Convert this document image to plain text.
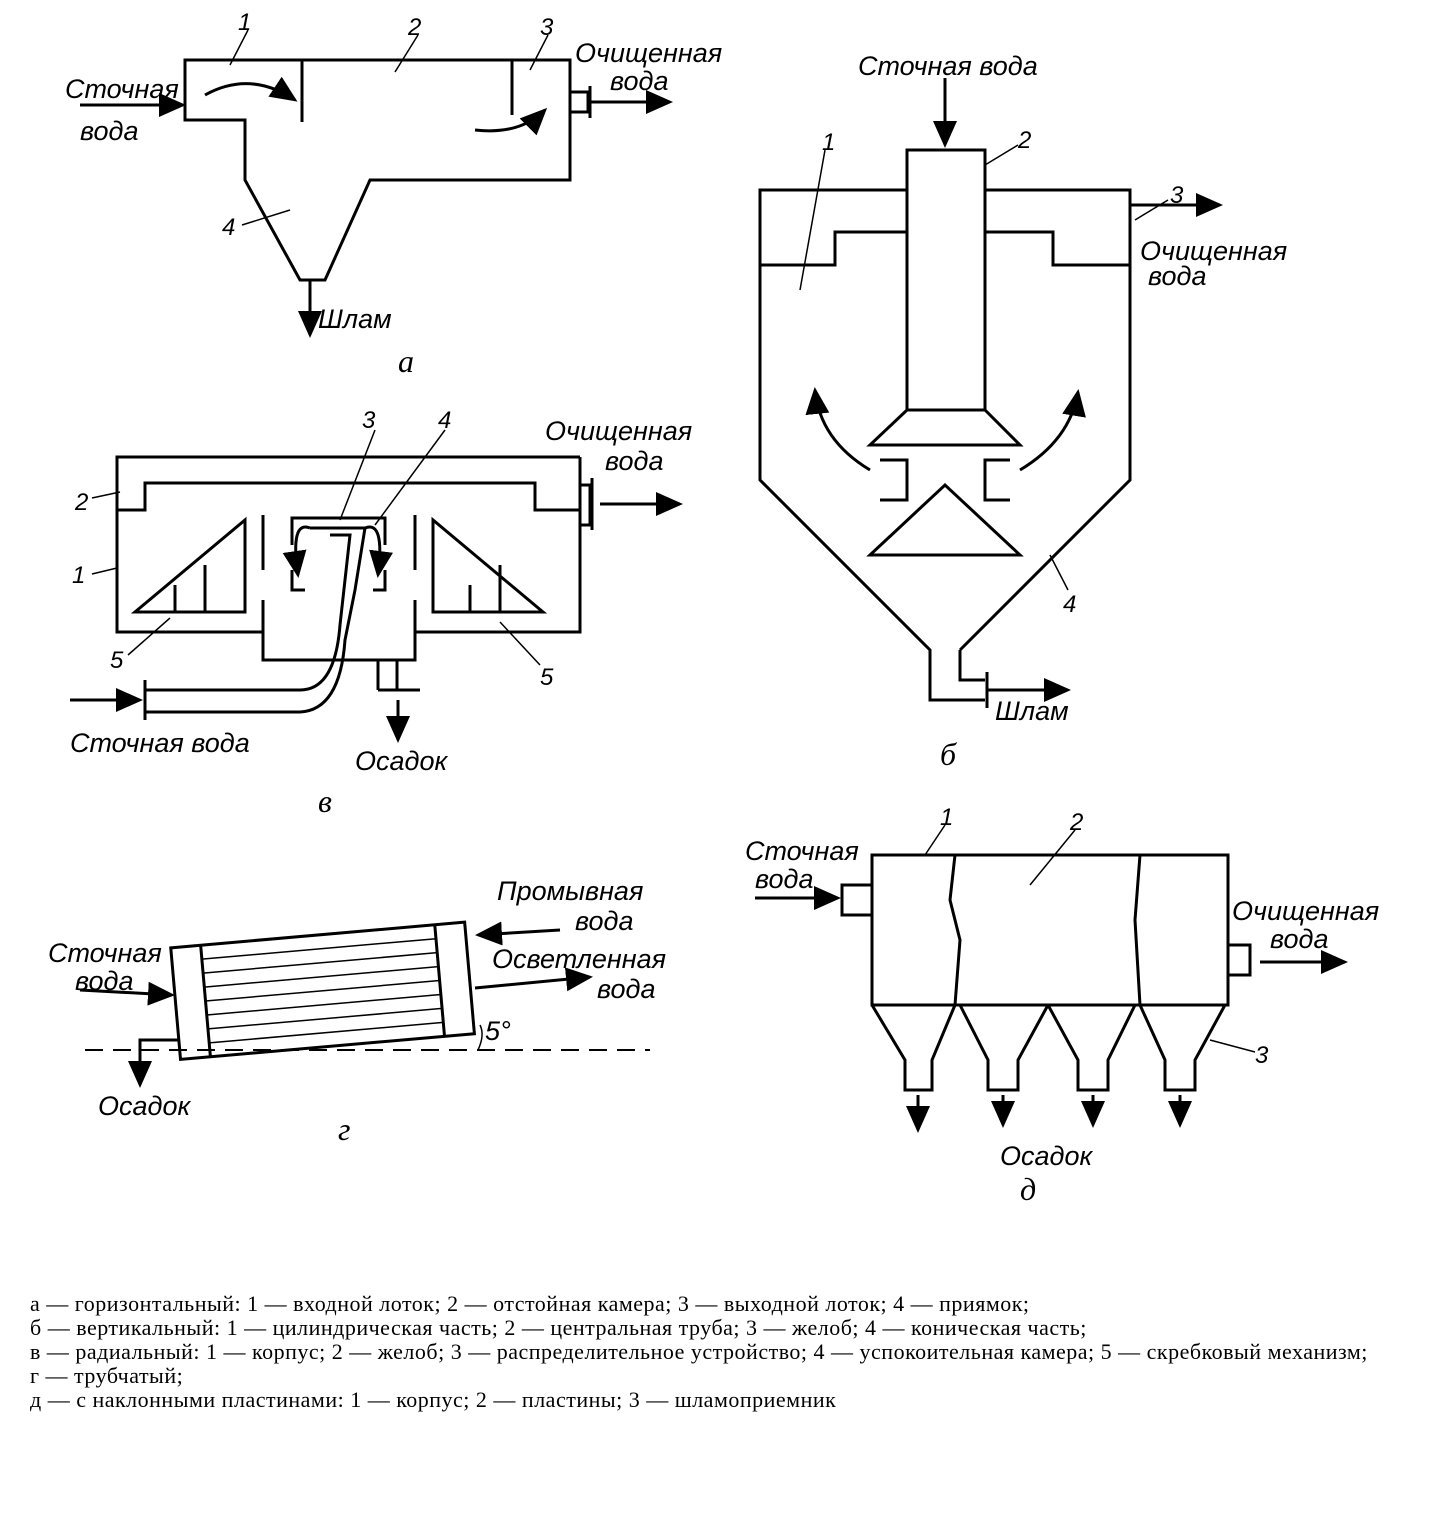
1	2	3
4
Сточная
вода
Очищенная
вода
Шлам
а
1	2
3
4
Сточная вода
Очищенная
вода
Шлам
б
3	4
2
1
5
5
Очищенная
вода
Сточная вода
Осадок
в
Сточная
вода
Промывная
вода
Осветленная
вода
5°
Осадок
г
1	2
3
Сточная
вода
Очищенная
вода
Осадок
д
а — горизонтальный: 1 — входной лоток; 2 — отстойная камера; 3 — выходной лоток; 4 — приямок;
б — вертикальный: 1 — цилиндрическая часть; 2 — центральная труба; 3 — желоб; 4 — коническая часть;
в — радиальный: 1 — корпус; 2 — желоб; 3 — распределительное устройство; 4 — успокоительная камера; 5 — скребковый механизм;
г — трубчатый;
д — с наклонными пластинами: 1 — корпус; 2 — пластины; 3 — шламоприемник
